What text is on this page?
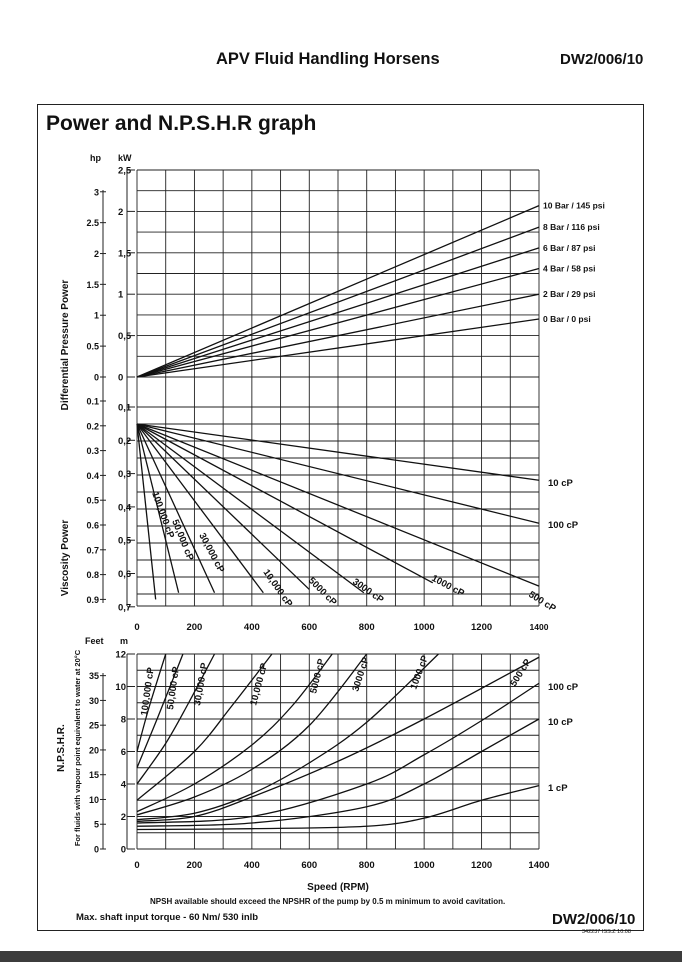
APV Fluid Handling Horsens	DW2/006/10
Power and N.P.S.H.R graph
hp kW
0
0,5
1
1,5
2
2,5
0
0.5
1
1.5
2
2.5
3
0 Bar / 0 psi
2 Bar / 29 psi
4 Bar / 58 psi
6 Bar / 87 psi
8 Bar / 116 psi
10 Bar / 145 psi
0,1
0,2
0,3
0,4
0,5
0,6
0,7
0.1
0.2
0.3
0.4
0.5
0.6
0.7
0.8
0.9
10 cP
100 cP
500 cP
1000 cP
3000 cP
5000 cP
10,000 cP
30,000 cP
50,000 cP
100,000 cP
0	200	400	600	800	1000	1200	1400
Differential Pressure Power
Viscosity Power
Feet m
0
2
4
6
8
10
12
0
5
10
15
20
25
30
35
1 cP
10 cP
100 cP
500 cP
1000 cP
3000 cP
5000 cP
10,000 cP
30,000 cP
50,000 cP
100,000 cP
0	200	400	600	800	1000	1200	1400
Speed (RPM)
N.P.S.H.R. For fluids with vapour point equivalent to water at 20°C
NPSH available should exceed the NPSHR of the pump by 0.5 m minimum to avoid cavitation.
Max. shaft input torque - 60 Nm/ 530 inlb	DW2/006/10
342237 ISS.Z 10.08
